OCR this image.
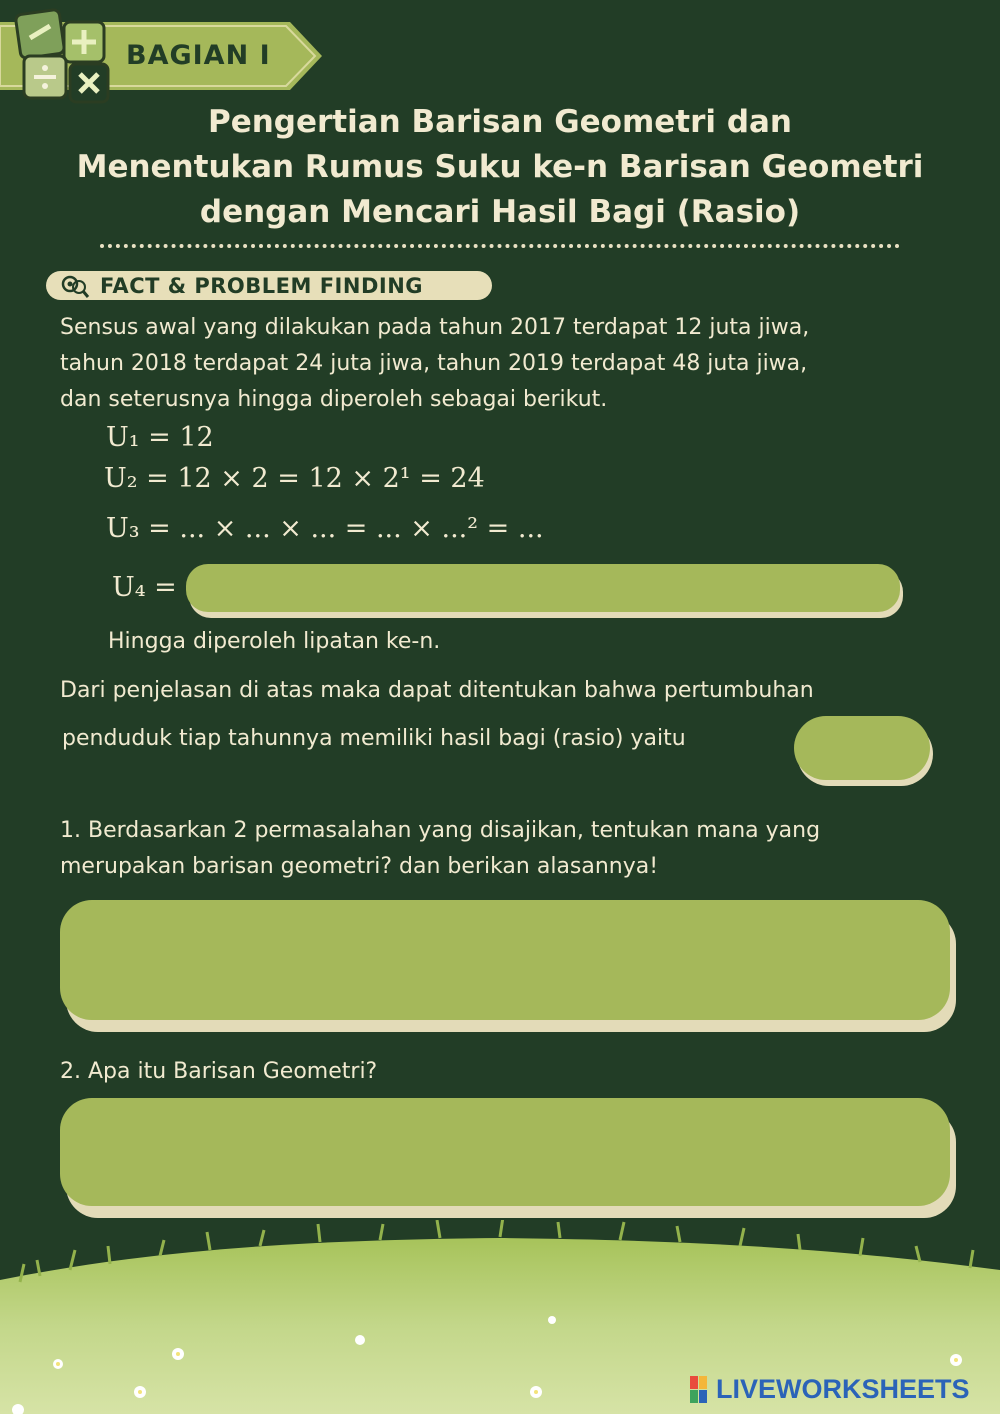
BAGIAN I
Pengertian Barisan Geometri dan
Menentukan Rumus Suku ke-n Barisan Geometri
dengan Mencari Hasil Bagi (Rasio)
FACT & PROBLEM FINDING
Sensus awal yang dilakukan pada tahun 2017 terdapat 12 juta jiwa,
tahun 2018 terdapat 24 juta jiwa, tahun 2019 terdapat 48 juta jiwa,
dan seterusnya hingga diperoleh sebagai berikut.
U₁ = 12
U₂ = 12 × 2 = 12 × 2¹ = 24
U₃ = ... × ... × ... = ... × ...² = ...
U₄ =
Hingga diperoleh lipatan ke-n.
Dari penjelasan di atas maka dapat ditentukan bahwa pertumbuhan
penduduk tiap tahunnya memiliki hasil bagi (rasio) yaitu
1. Berdasarkan 2 permasalahan yang disajikan, tentukan mana yang
merupakan barisan geometri? dan berikan alasannya!
2. Apa itu Barisan Geometri?
LIVEWORKSHEETS
